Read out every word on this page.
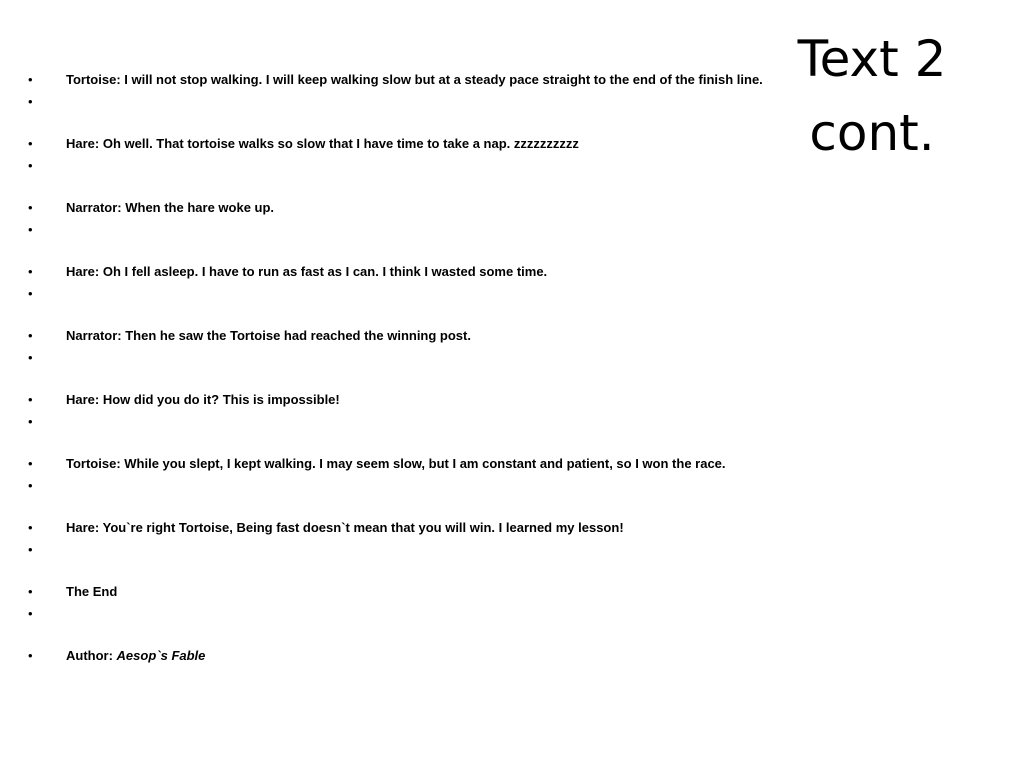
Text 2
cont.
•	Tortoise: I will not stop walking. I will keep walking slow but at a steady pace straight to the end of the finish line.
•
•	Hare: Oh well. That tortoise walks so slow that I have time to take a nap. zzzzzzzzzz
•
•	Narrator: When the hare woke up.
•
•	Hare: Oh I fell asleep. I have to run as fast as I can. I think I wasted some time.
•
•	Narrator: Then he saw the Tortoise had reached the winning post.
•
•	Hare: How did you do it? This is impossible!
•
•	Tortoise: While you slept, I kept walking. I may seem slow, but I am constant and patient, so I won the race.
•
•	Hare: You`re right Tortoise, Being fast doesn`t mean that you will win. I learned my lesson!
•
•	The End
•
•	Author: Aesop`s Fable
